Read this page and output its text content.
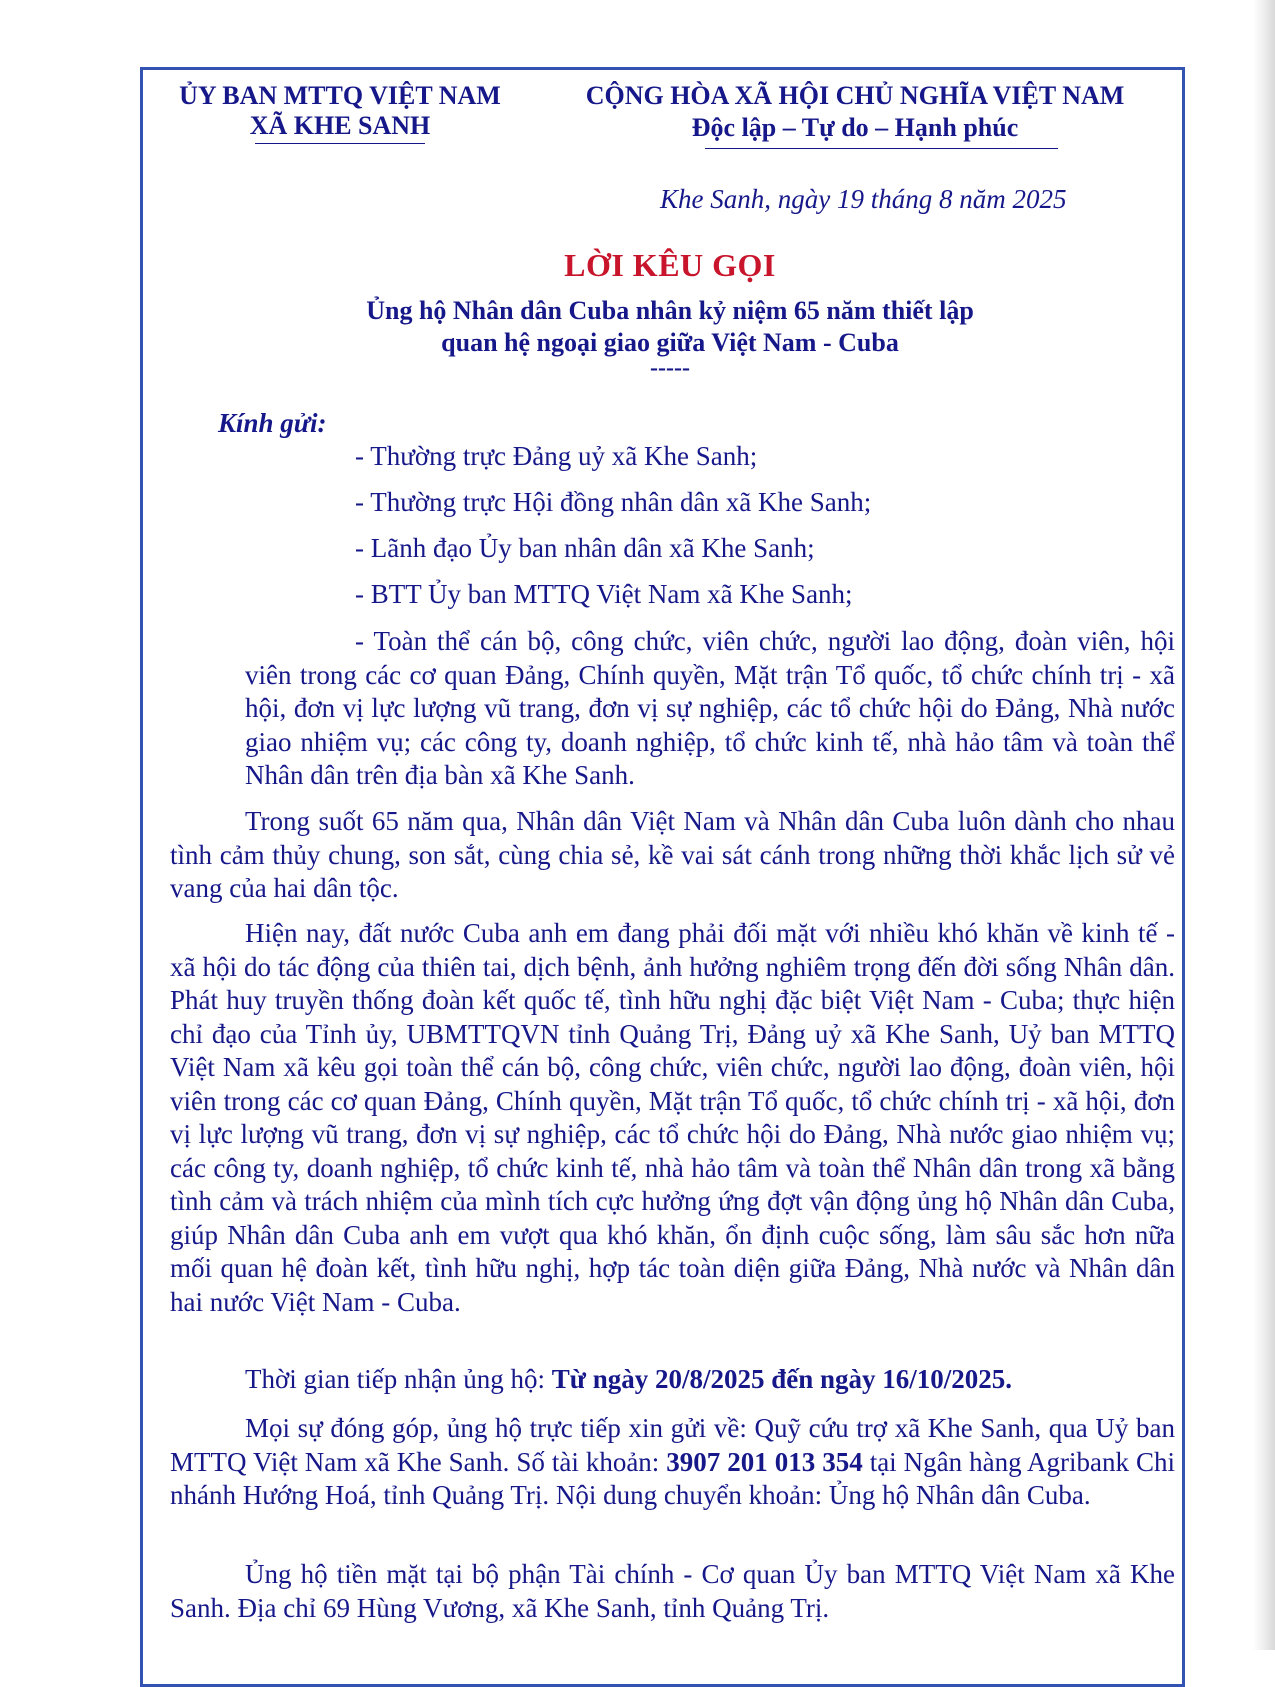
ỦY BAN MTTQ VIỆT NAM
XÃ KHE SANH
CỘNG HÒA XÃ HỘI CHỦ NGHĨA VIỆT NAM
Độc lập – Tự do – Hạnh phúc
Khe Sanh, ngày 19 tháng 8 năm 2025
LỜI KÊU GỌI
Ủng hộ Nhân dân Cuba nhân kỷ niệm 65 năm thiết lập
quan hệ ngoại giao giữa Việt Nam - Cuba
-----
Kính gửi:
- Thường trực Đảng uỷ xã Khe Sanh;
- Thường trực Hội đồng nhân dân xã Khe Sanh;
- Lãnh đạo Ủy ban nhân dân xã Khe Sanh;
- BTT Ủy ban MTTQ Việt Nam xã Khe Sanh;

- Toàn thể cán bộ, công chức, viên chức, người lao động, đoàn viên, hội viên trong các cơ quan Đảng, Chính quyền, Mặt trận Tổ quốc, tổ chức chính trị - xã hội, đơn vị lực lượng vũ trang, đơn vị sự nghiệp, các tổ chức hội do Đảng, Nhà nước giao nhiệm vụ; các công ty, doanh nghiệp, tổ chức kinh tế, nhà hảo tâm và toàn thể Nhân dân trên địa bàn xã Khe Sanh.

Trong suốt 65 năm qua, Nhân dân Việt Nam và Nhân dân Cuba luôn dành cho nhau tình cảm thủy chung, son sắt, cùng chia sẻ, kề vai sát cánh trong những thời khắc lịch sử vẻ vang của hai dân tộc.

Hiện nay, đất nước Cuba anh em đang phải đối mặt với nhiều khó khăn về kinh tế - xã hội do tác động của thiên tai, dịch bệnh, ảnh hưởng nghiêm trọng đến đời sống Nhân dân. Phát huy truyền thống đoàn kết quốc tế, tình hữu nghị đặc biệt Việt Nam - Cuba; thực hiện chỉ đạo của Tỉnh ủy, UBMTTQVN tỉnh Quảng Trị, Đảng uỷ xã Khe Sanh, Uỷ ban MTTQ Việt Nam xã kêu gọi toàn thể cán bộ, công chức, viên chức, người lao động, đoàn viên, hội viên trong các cơ quan Đảng, Chính quyền, Mặt trận Tổ quốc, tổ chức chính trị - xã hội, đơn vị lực lượng vũ trang, đơn vị sự nghiệp, các tổ chức hội do Đảng, Nhà nước giao nhiệm vụ; các công ty, doanh nghiệp, tổ chức kinh tế, nhà hảo tâm và toàn thể Nhân dân trong xã bằng tình cảm và trách nhiệm của mình tích cực hưởng ứng đợt vận động ủng hộ Nhân dân Cuba, giúp Nhân dân Cuba anh em vượt qua khó khăn, ổn định cuộc sống, làm sâu sắc hơn nữa mối quan hệ đoàn kết, tình hữu nghị, hợp tác toàn diện giữa Đảng, Nhà nước và Nhân dân hai nước Việt Nam - Cuba.

Thời gian tiếp nhận ủng hộ: Từ ngày 20/8/2025 đến ngày 16/10/2025.

Mọi sự đóng góp, ủng hộ trực tiếp xin gửi về: Quỹ cứu trợ xã Khe Sanh, qua Uỷ ban MTTQ Việt Nam xã Khe Sanh. Số tài khoản: 3907 201 013 354 tại Ngân hàng Agribank Chi nhánh Hướng Hoá, tỉnh Quảng Trị. Nội dung chuyển khoản: Ủng hộ Nhân dân Cuba.

Ủng hộ tiền mặt tại bộ phận Tài chính - Cơ quan Ủy ban MTTQ Việt Nam xã Khe Sanh. Địa chỉ 69 Hùng Vương, xã Khe Sanh, tỉnh Quảng Trị.
